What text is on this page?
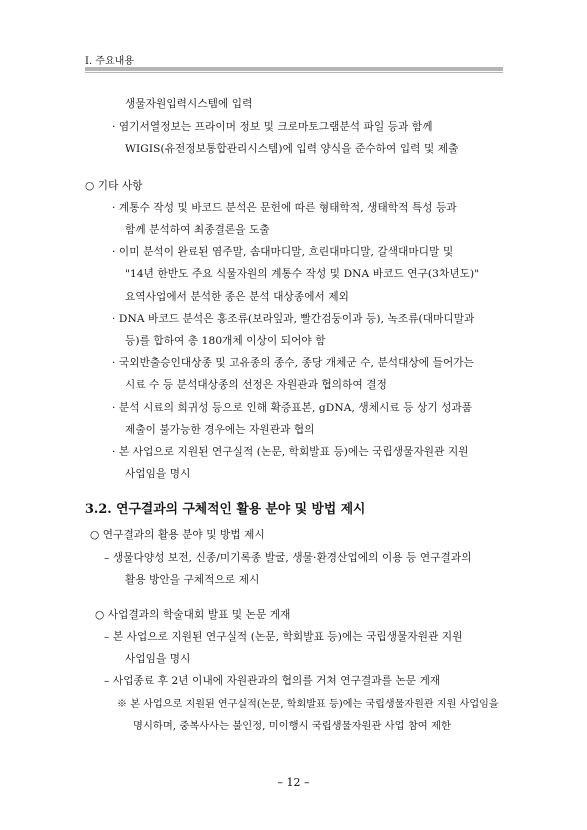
I. 주요내용
생물자원입력시스템에 입력
· 염기서열정보는 프라이머 정보 및 크로마토그램분석 파일 등과 함께
WIGIS(유전정보통합관리시스템)에 입력 양식을 준수하여 입력 및 제출
○ 기타 사항
· 계통수 작성 및 바코드 분석은 문헌에 따른 형태학적, 생태학적 특성 등과
함께 분석하여 최종결론을 도출
· 이미 분석이 완료된 염주말, 솜대마디말, 흐린대마디말, 갈색대마디말 및
"14년 한반도 주요 식물자원의 계통수 작성 및 DNA 바코드 연구(3차년도)"
요역사업에서 분석한 종은 분석 대상종에서 제외
· DNA 바코드 분석은 홍조류(보라잎과, 빨간검둥이과 등), 녹조류(대마디말과
등)를 합하여 총 180개체 이상이 되어야 함
· 국외반출승인대상종 및 고유종의 종수, 종당 개체군 수, 분석대상에 들어가는
시료 수 등 분석대상종의 선정은 자원관과 협의하여 결정
· 분석 시료의 희귀성 등으로 인해 확증표본, gDNA, 생체시료 등 상기 성과품
제출이 불가능한 경우에는 자원관과 협의
· 본 사업으로 지원된 연구실적 (논문, 학회발표 등)에는 국립생물자원관 지원
사업임을 명시
3.2. 연구결과의 구체적인 활용 분야 및 방법 제시
○ 연구결과의 활용 분야 및 방법 제시
– 생물다양성 보전, 신종/미기록종 발굴, 생물·환경산업에의 이용 등 연구결과의
활용 방안을 구체적으로 제시
○ 사업결과의 학술대회 발표 및 논문 게재
– 본 사업으로 지원된 연구실적 (논문, 학회발표 등)에는 국립생물자원관 지원
사업임을 명시
– 사업종료 후 2년 이내에 자원관과의 협의를 거쳐 연구결과를 논문 게재
※ 본 사업으로 지원된 연구실적(논문, 학회발표 등)에는 국립생물자원관 지원 사업임을
명시하며, 중복사사는 불인정, 미이행시 국립생물자원관 사업 참여 제한
– 12 –
